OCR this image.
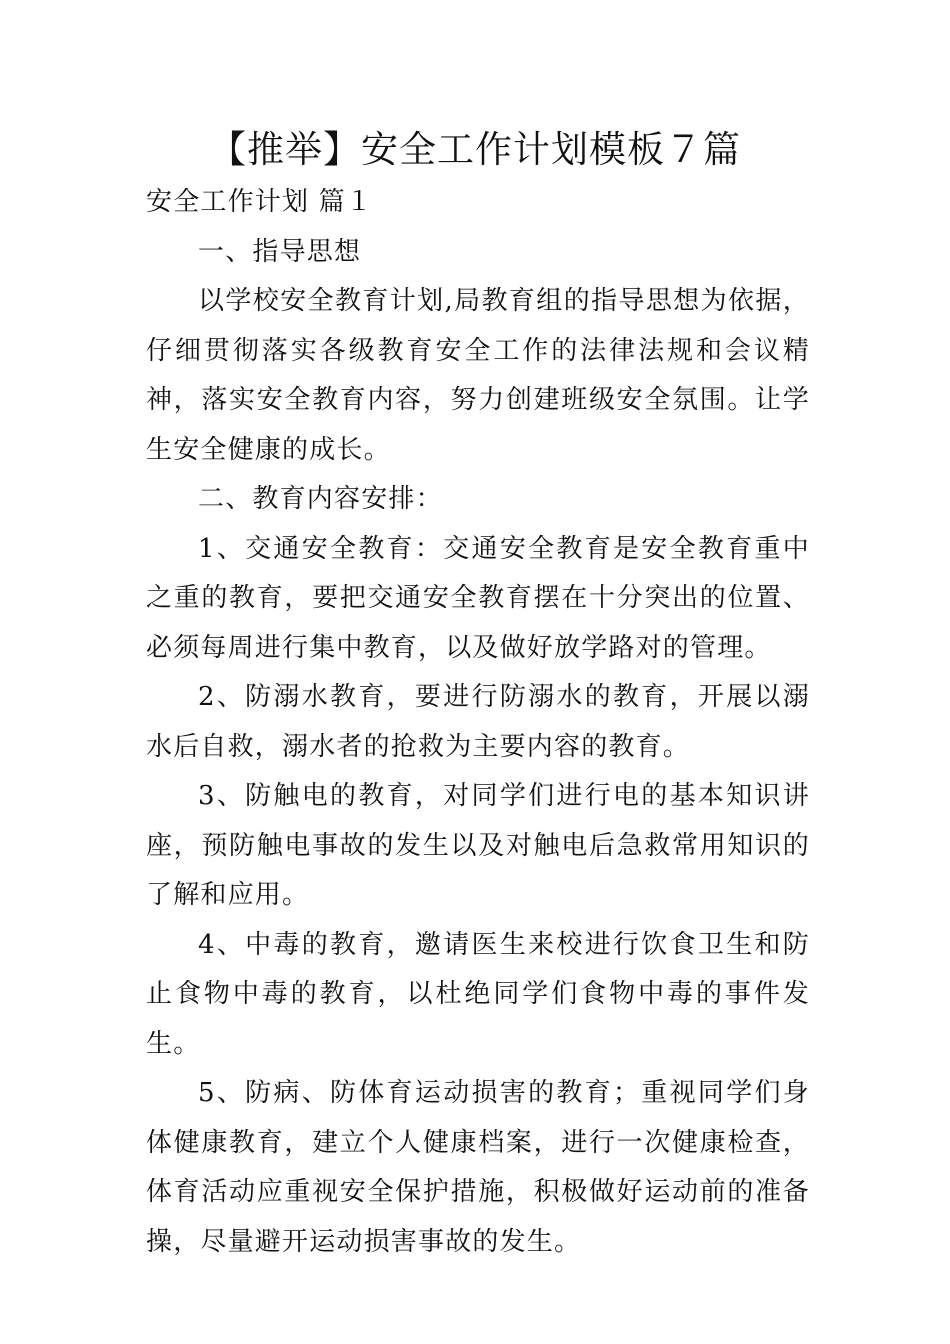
【推举】安全工作计划模板７篇
安全工作计划 篇１

一、指导思想

以学校安全教育计划,局教育组的指导思想为依据，仔细贯彻落实各级教育安全工作的法律法规和会议精神，落实安全教育内容，努力创建班级安全氛围。让学生安全健康的成长。

二、教育内容安排：

1、交通安全教育：交通安全教育是安全教育重中之重的教育，要把交通安全教育摆在十分突出的位置、必须每周进行集中教育，以及做好放学路对的管理。

2、防溺水教育，要进行防溺水的教育，开展以溺水后自救，溺水者的抢救为主要内容的教育。

3、防触电的教育，对同学们进行电的基本知识讲座，预防触电事故的发生以及对触电后急救常用知识的了解和应用。

4、中毒的教育，邀请医生来校进行饮食卫生和防止食物中毒的教育，以杜绝同学们食物中毒的事件发生。

5、防病、防体育运动损害的教育；重视同学们身体健康教育，建立个人健康档案，进行一次健康检查，体育活动应重视安全保护措施，积极做好运动前的准备操，尽量避开运动损害事故的发生。
